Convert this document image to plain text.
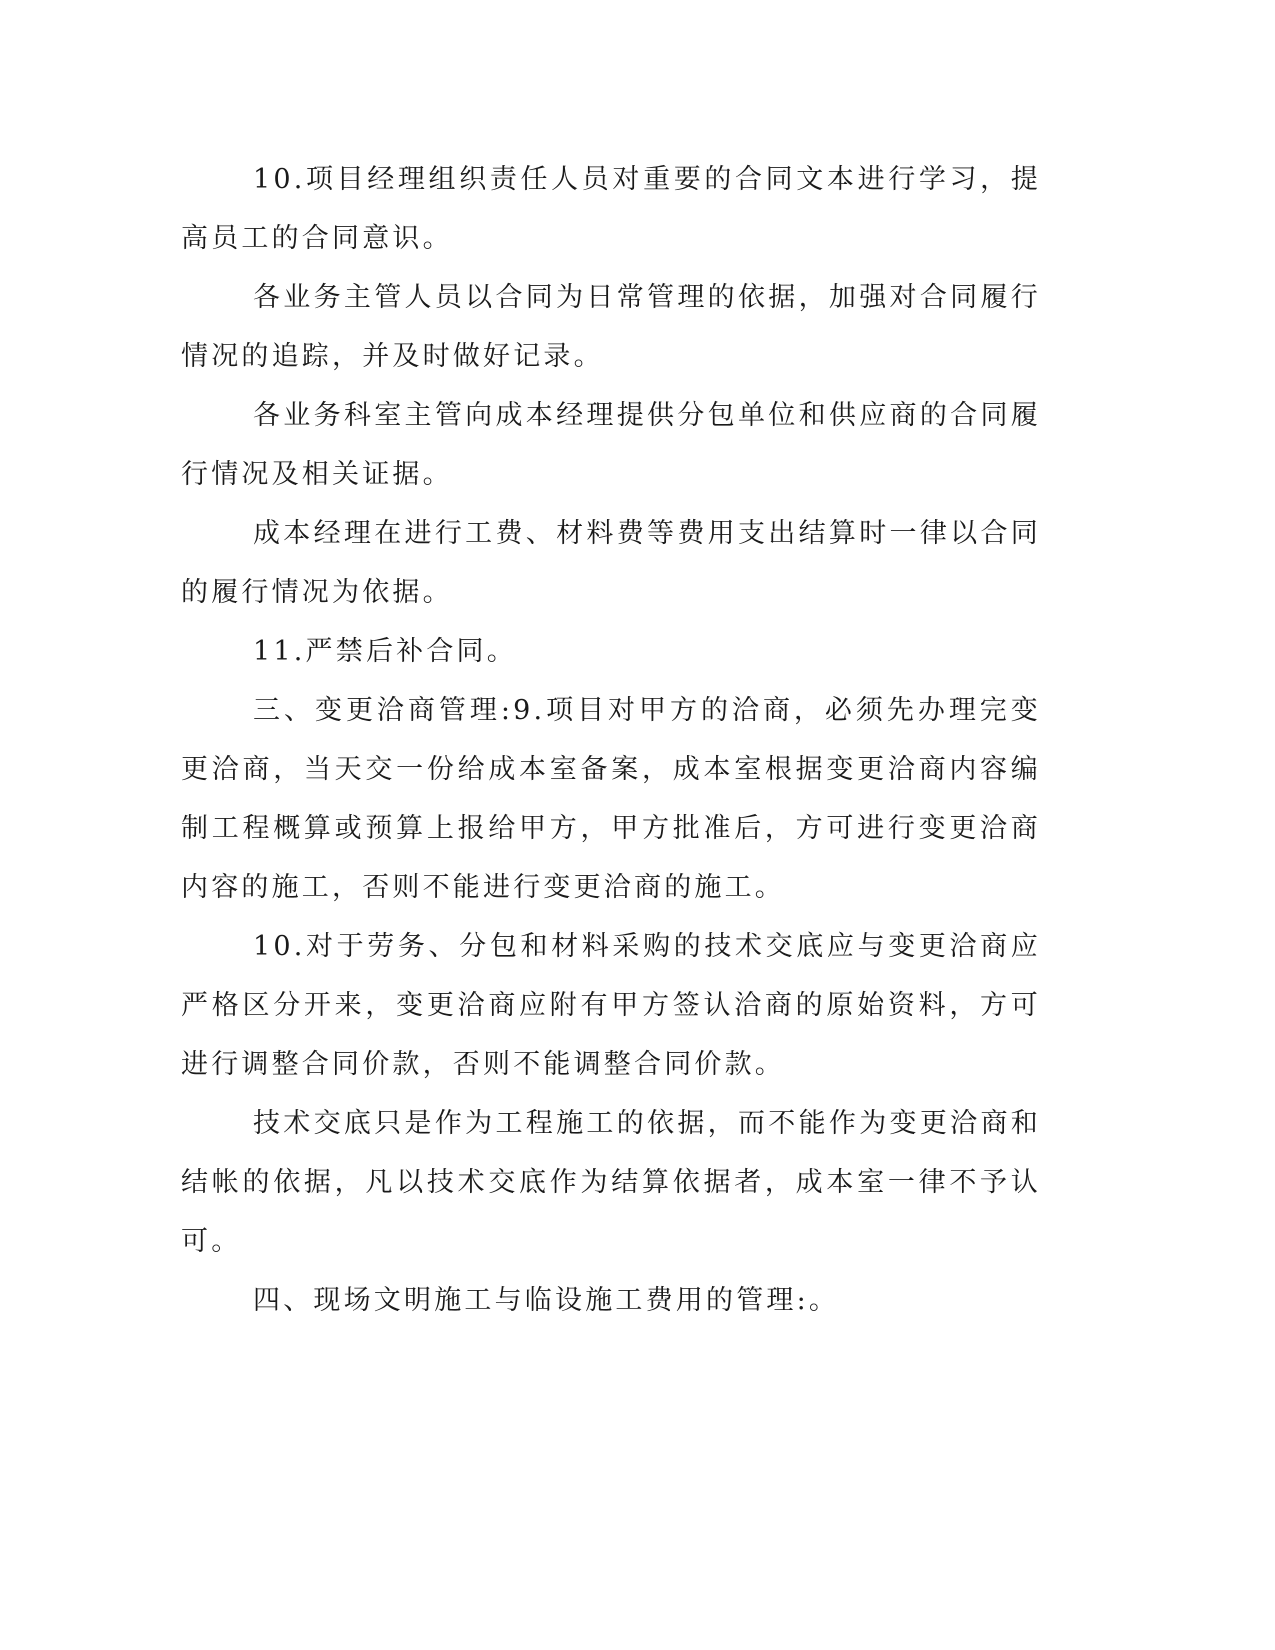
10.项目经理组织责任人员对重要的合同文本进行学习，提高员工的合同意识。

各业务主管人员以合同为日常管理的依据，加强对合同履行情况的追踪，并及时做好记录。

各业务科室主管向成本经理提供分包单位和供应商的合同履行情况及相关证据。

成本经理在进行工费、材料费等费用支出结算时一律以合同的履行情况为依据。

11.严禁后补合同。

三、变更洽商管理:9.项目对甲方的洽商，必须先办理完变更洽商，当天交一份给成本室备案，成本室根据变更洽商内容编制工程概算或预算上报给甲方，甲方批准后，方可进行变更洽商内容的施工，否则不能进行变更洽商的施工。

10.对于劳务、分包和材料采购的技术交底应与变更洽商应严格区分开来，变更洽商应附有甲方签认洽商的原始资料，方可进行调整合同价款，否则不能调整合同价款。

技术交底只是作为工程施工的依据，而不能作为变更洽商和结帐的依据，凡以技术交底作为结算依据者，成本室一律不予认可。

四、现场文明施工与临设施工费用的管理:。
